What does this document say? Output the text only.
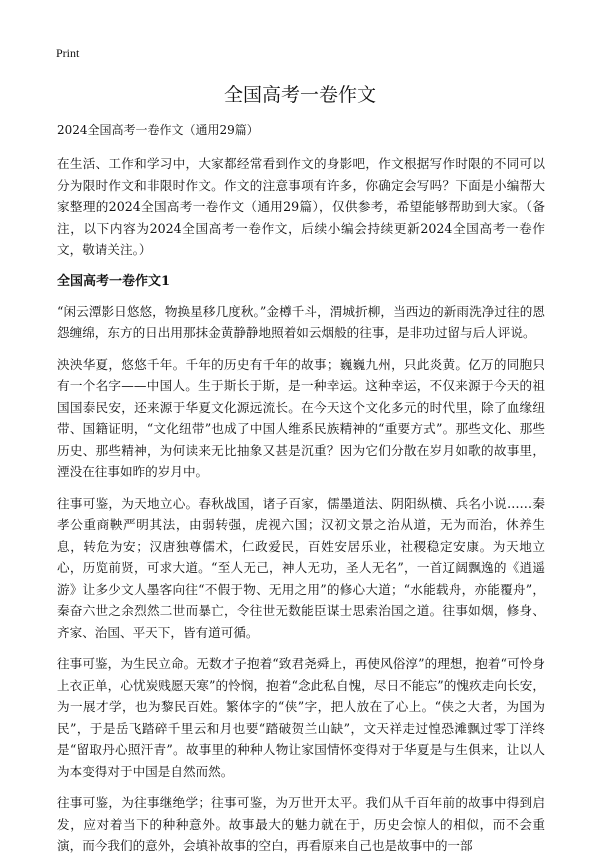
Print
全国高考一卷作文
2024全国高考一卷作文（通用29篇）

在生活、工作和学习中，大家都经常看到作文的身影吧，作文根据写作时限的不同可以分为限时作文和非限时作文。作文的注意事项有许多，你确定会写吗？下面是小编帮大家整理的2024全国高考一卷作文（通用29篇），仅供参考，希望能够帮助到大家。（备注，以下内容为2024全国高考一卷作文，后续小编会持续更新2024全国高考一卷作文，敬请关注。）

全国高考一卷作文1

“闲云潭影日悠悠，物换星移几度秋。”金樽千斗，渭城折柳，当西边的新雨洗净过往的恩怨缠绵，东方的日出用那抹金黄静静地照着如云烟般的往事，是非功过留与后人评说。

泱泱华夏，悠悠千年。千年的历史有千年的故事；巍巍九州，只此炎黄。亿万的同胞只有一个名字——中国人。生于斯长于斯，是一种幸运。这种幸运，不仅来源于今天的祖国国泰民安，还来源于华夏文化源远流长。在今天这个文化多元的时代里，除了血缘纽带、国籍证明，“文化纽带”也成了中国人维系民族精神的“重要方式”。那些文化、那些历史、那些精神，为何读来无比抽象又甚是沉重？因为它们分散在岁月如歌的故事里，湮没在往事如昨的岁月中。

往事可鉴，为天地立心。春秋战国，诸子百家，儒墨道法、阴阳纵横、兵名小说……秦孝公重商鞅严明其法，由弱转强，虎视六国；汉初文景之治从道，无为而治，休养生息，转危为安；汉唐独尊儒术，仁政爱民，百姓安居乐业，社稷稳定安康。为天地立心，历览前贤，可求大道。“至人无己，神人无功，圣人无名”，一首辽阔飘逸的《逍遥游》让多少文人墨客向往“不假于物、无用之用”的修心大道；“水能载舟，亦能覆舟”，秦奋六世之余烈然二世而暴亡，令往世无数能臣谋士思索治国之道。往事如烟，修身、齐家、治国、平天下，皆有道可循。

往事可鉴，为生民立命。无数才子抱着“致君尧舜上，再使风俗淳”的理想，抱着“可怜身上衣正单，心忧炭贱愿天寒”的怜悯，抱着“念此私自愧，尽日不能忘”的愧疚走向长安，为一展才学，也为黎民百姓。繁体字的“侠”字，把人放在了心上。“侠之大者，为国为民”，于是岳飞踏碎千里云和月也要“踏破贺兰山缺”，文天祥走过惶恐滩飘过零丁洋终是“留取丹心照汗青”。故事里的种种人物让家国情怀变得对于华夏是与生俱来，让以人为本变得对于中国是自然而然。

往事可鉴，为往事继绝学；往事可鉴，为万世开太平。我们从千百年前的故事中得到启发，应对着当下的种种意外。故事最大的魅力就在于，历史会惊人的相似，而不会重演，而今我们的意外，会填补故事的空白，再看原来自己也是故事中的一部
